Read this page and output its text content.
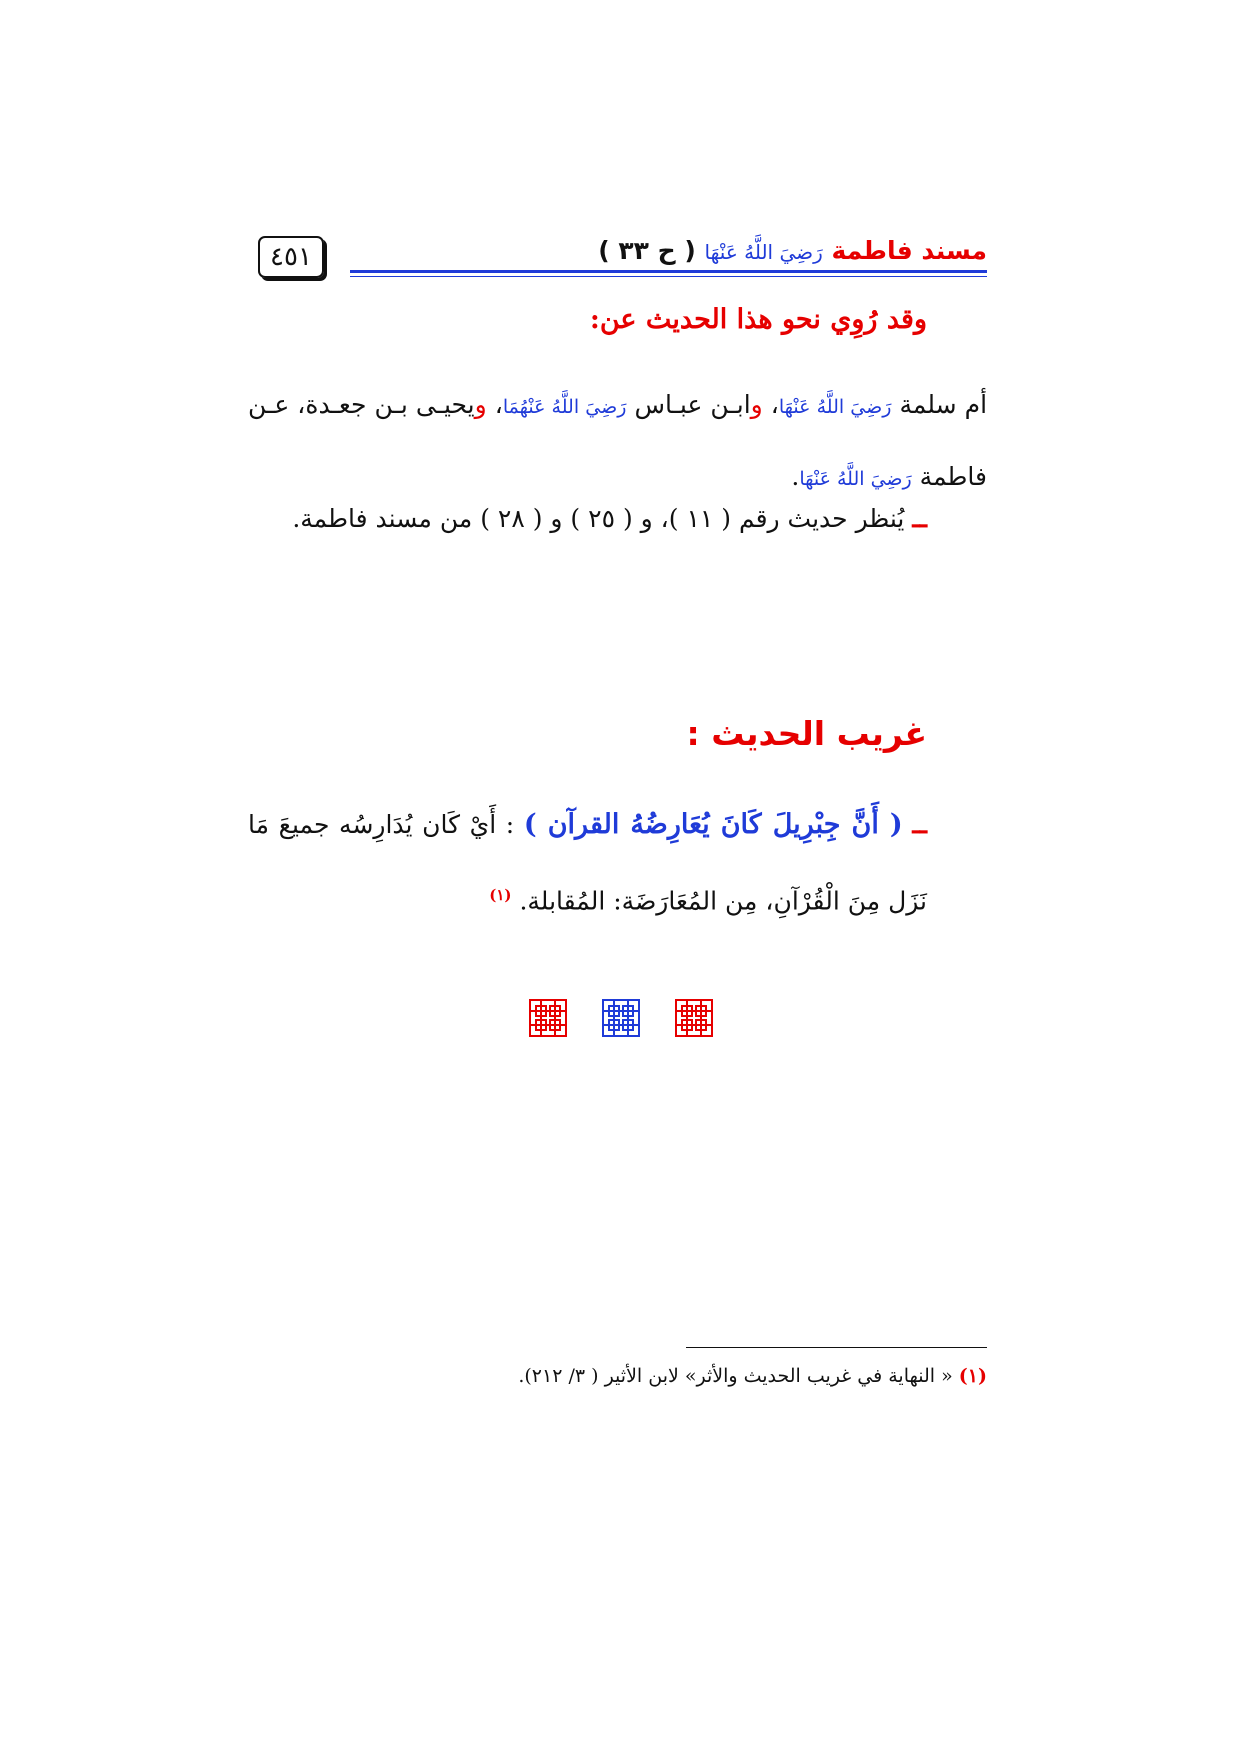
٤٥١	مسند فاطمة رَضِيَ اللَّهُ عَنْهَا ( ح ٣٣ )
وقد رُوِي نحو هذا الحديث عن:
أم سلمة رَضِيَ اللَّهُ عَنْهَا، وابـن عبـاس رَضِيَ اللَّهُ عَنْهُمَا، ويحيـى بـن جعـدة، عـن فاطمة رَضِيَ اللَّهُ عَنْهَا.
ــ يُنظر حديث رقم ( ١١ )، و ( ٢٥ ) و ( ٢٨ ) من مسند فاطمة.
غريب الحديث :
ــ ( أَنَّ جِبْرِيلَ كَانَ يُعَارِضُهُ القرآن ) : أَيْ كَان يُدَارِسُه جميعَ مَا نَزَل مِنَ الْقُرْآنِ، مِن المُعَارَضَة: المُقابلة. $^{(١)}$
(١) « النهاية في غريب الحديث والأثر» لابن الأثير ( ٣/ ٢١٢).
